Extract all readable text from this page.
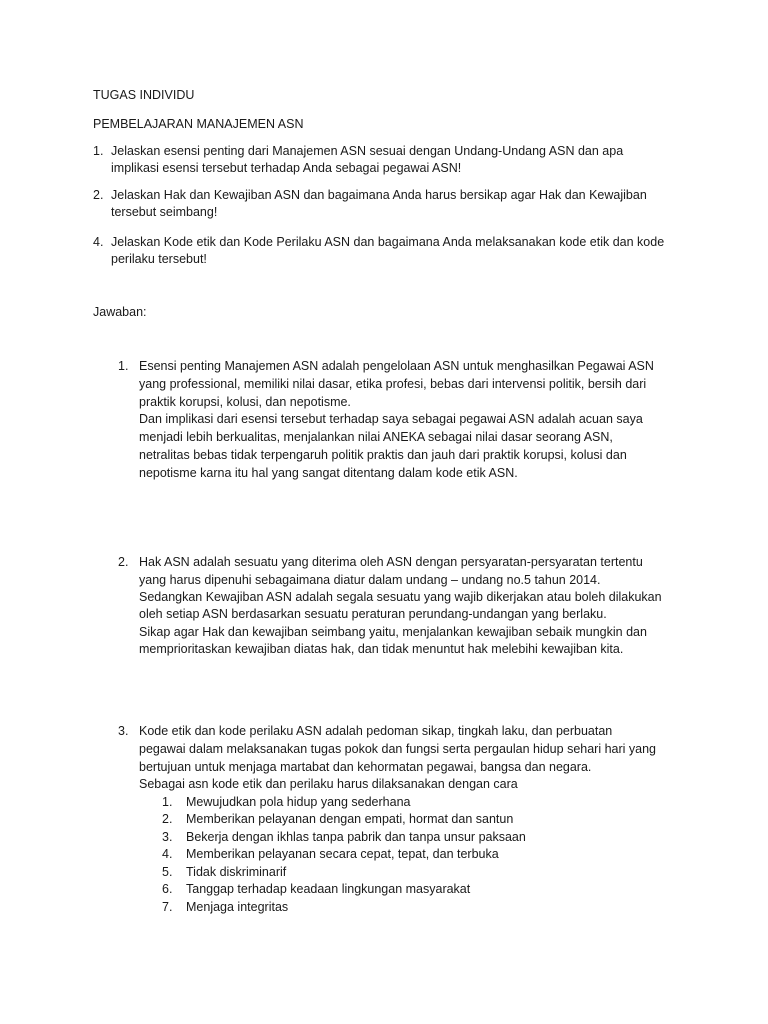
TUGAS INDIVIDU
PEMBELAJARAN MANAJEMEN ASN
1. Jelaskan esensi penting dari Manajemen ASN sesuai dengan Undang-Undang ASN dan apa
implikasi esensi tersebut terhadap Anda sebagai pegawai ASN!
2. Jelaskan Hak dan Kewajiban ASN dan bagaimana Anda harus bersikap agar Hak dan Kewajiban
tersebut seimbang!
4. Jelaskan Kode etik dan Kode Perilaku ASN dan bagaimana Anda melaksanakan kode etik dan kode
perilaku tersebut!
Jawaban:
1. Esensi penting Manajemen ASN adalah pengelolaan ASN untuk menghasilkan Pegawai ASN
yang professional, memiliki nilai dasar, etika profesi, bebas dari intervensi politik, bersih dari
praktik korupsi, kolusi, dan nepotisme.
Dan implikasi dari esensi tersebut terhadap saya sebagai pegawai ASN adalah acuan saya
menjadi lebih berkualitas, menjalankan nilai ANEKA sebagai nilai dasar seorang ASN,
netralitas bebas tidak terpengaruh politik praktis dan jauh dari praktik korupsi, kolusi dan
nepotisme karna itu hal yang sangat ditentang dalam kode etik ASN.
2. Hak ASN adalah sesuatu yang diterima oleh ASN dengan persyaratan-persyaratan tertentu
yang harus dipenuhi sebagaimana diatur dalam undang – undang no.5 tahun 2014.
Sedangkan Kewajiban ASN adalah segala sesuatu yang wajib dikerjakan atau boleh dilakukan
oleh setiap ASN berdasarkan sesuatu peraturan perundang-undangan yang berlaku.
Sikap agar Hak dan kewajiban seimbang yaitu, menjalankan kewajiban sebaik mungkin dan
memprioritaskan kewajiban diatas hak, dan tidak menuntut hak melebihi kewajiban kita.
3. Kode etik dan kode perilaku ASN adalah pedoman sikap, tingkah laku, dan perbuatan
pegawai dalam melaksanakan tugas pokok dan fungsi serta pergaulan hidup sehari hari yang
bertujuan untuk menjaga martabat dan kehormatan pegawai, bangsa dan negara.
Sebagai asn kode etik dan perilaku harus dilaksanakan dengan cara
1. Mewujudkan pola hidup yang sederhana
2. Memberikan pelayanan dengan empati, hormat dan santun
3. Bekerja dengan ikhlas tanpa pabrik dan tanpa unsur paksaan
4. Memberikan pelayanan secara cepat, tepat, dan terbuka
5. Tidak diskriminarif
6. Tanggap terhadap keadaan lingkungan masyarakat
7. Menjaga integritas
